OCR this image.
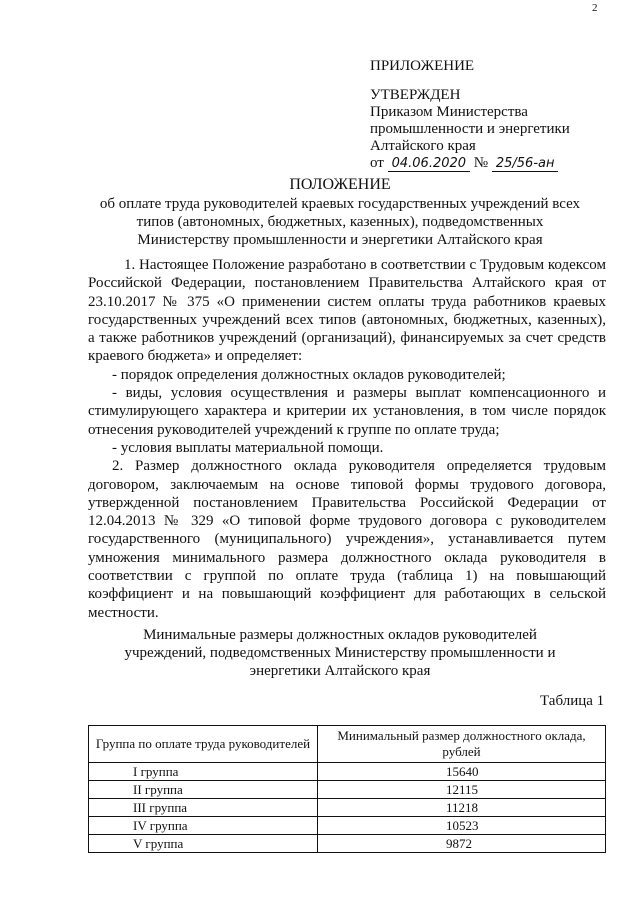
2
ПРИЛОЖЕНИЕ
УТВЕРЖДЕН
Приказом Министерства
промышленности и энергетики
Алтайского края
от 04.06.2020 № 25/56-ан
ПОЛОЖЕНИЕ
об оплате труда руководителей краевых государственных учреждений всех
типов (автономных, бюджетных, казенных), подведомственных
Министерству промышленности и энергетики Алтайского края

1. Настоящее Положение разработано в соответствии с Трудовым кодексом Российской Федерации, постановлением Правительства Алтайского края от 23.10.2017 № 375 «О применении систем оплаты труда работников краевых государственных учреждений всех типов (автономных, бюджетных, казенных), а также работников учреждений (организаций), финансируемых за счет средств краевого бюджета» и определяет:

- порядок определения должностных окладов руководителей;

- виды, условия осуществления и размеры выплат компенсационного и стимулирующего характера и критерии их установления, в том числе порядок отнесения руководителей учреждений к группе по оплате труда;

- условия выплаты материальной помощи.

2. Размер должностного оклада руководителя определяется трудовым договором, заключаемым на основе типовой формы трудового договора, утвержденной постановлением Правительства Российской Федерации от 12.04.2013 № 329 «О типовой форме трудового договора с руководителем государственного (муниципального) учреждения», устанавливается путем умножения минимального размера должностного оклада руководителя в соответствии с группой по оплате труда (таблица 1) на повышающий коэффициент и на повышающий коэффициент для работающих в сельской местности.

Минимальные размеры должностных окладов руководителей
учреждений, подведомственных Министерству промышленности и
энергетики Алтайского края
Таблица 1
Группа по оплате труда руководителей	Минимальный размер должностного оклада, рублей
I группа	15640
II группа	12115
III группа	11218
IV группа	10523
V группа	9872
